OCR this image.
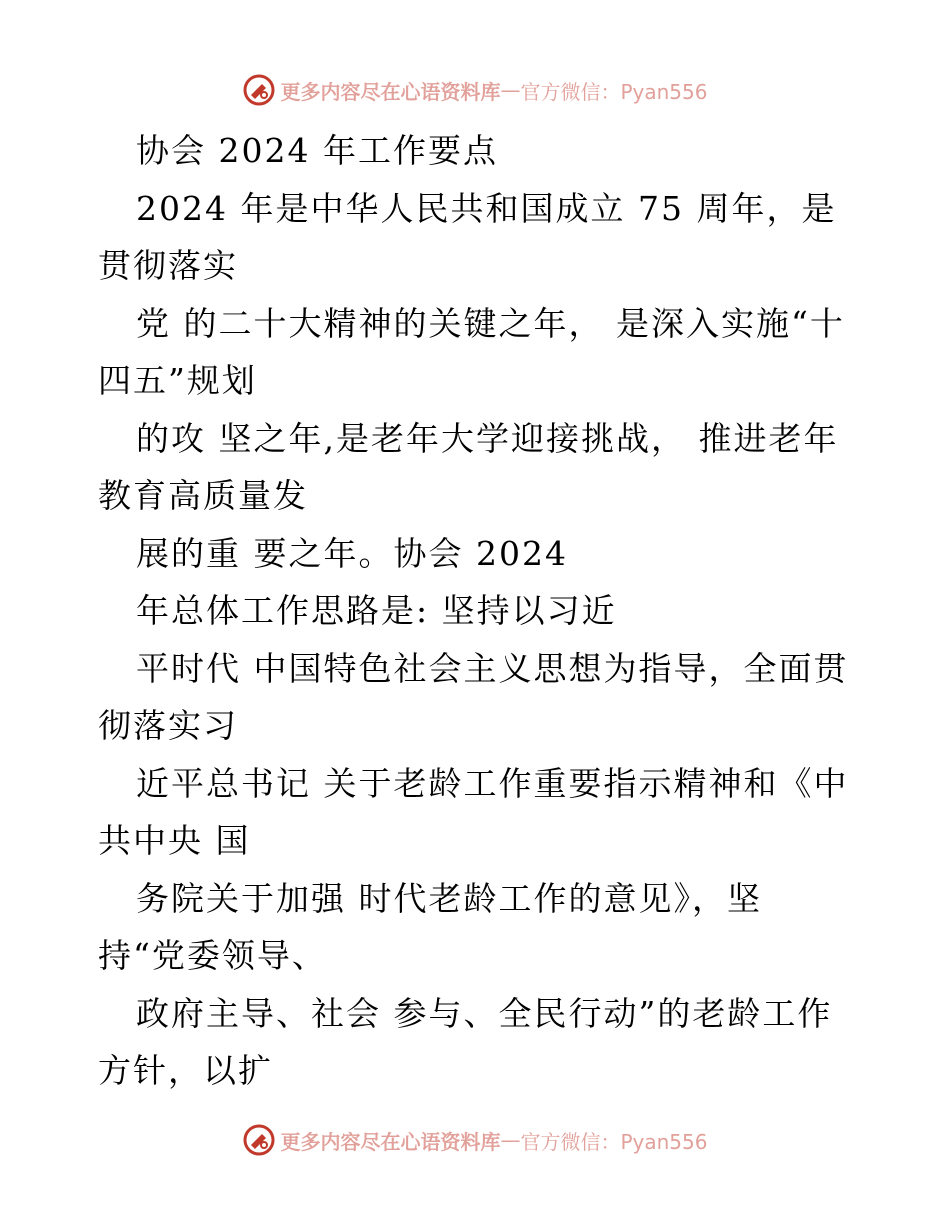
更多内容尽在心语资料库 — 官方微信：Pyan556
协会 2024 年工作要点
2024 年是中华人民共和国成立 75 周年，是
贯彻落实
党 的二十大精神的关键之年， 是深入实施“十
四五”规划
的攻 坚之年,是老年大学迎接挑战， 推进老年
教育高质量发
展的重 要之年。协会 2024
年总体工作思路是: 坚持以习近
平时代 中国特色社会主义思想为指导，全面贯
彻落实习
近平总书记 关于老龄工作重要指示精神和《中
共中央 国
务院关于加强 时代老龄工作的意见》，坚
持“党委领导、
政府主导、社会 参与、全民行动”的老龄工作
方针，以扩
更多内容尽在心语资料库 — 官方微信：Pyan556
